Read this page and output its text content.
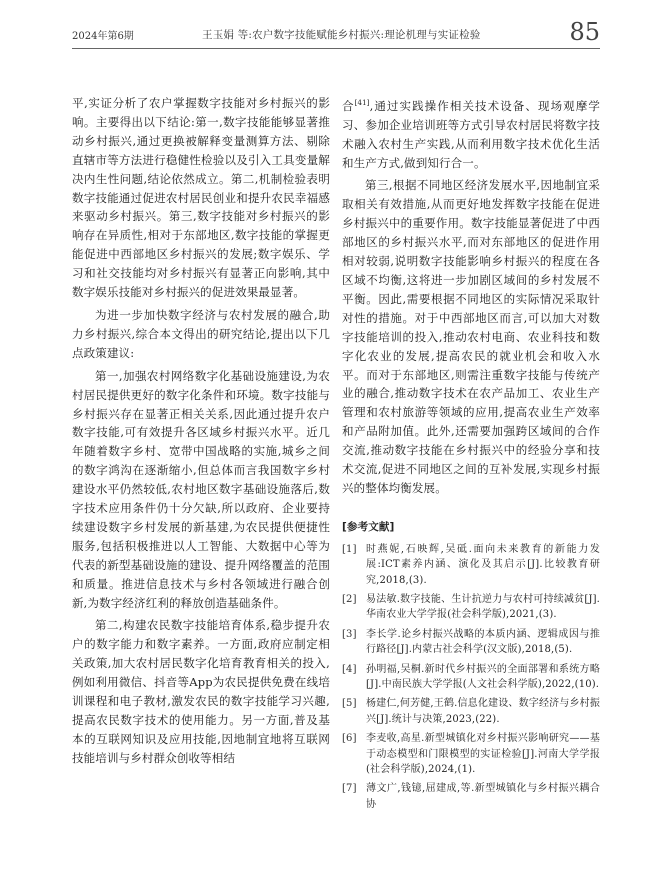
2024年第6期	王玉娟 等:农户数字技能赋能乡村振兴:理论机理与实证检验	85

平,实证分析了农户掌握数字技能对乡村振兴的影响。主要得出以下结论:第一,数字技能能够显著推动乡村振兴,通过更换被解释变量测算方法、剔除直辖市等方法进行稳健性检验以及引入工具变量解决内生性问题,结论依然成立。第二,机制检验表明数字技能通过促进农村居民创业和提升农民幸福感来驱动乡村振兴。第三,数字技能对乡村振兴的影响存在异质性,相对于东部地区,数字技能的掌握更能促进中西部地区乡村振兴的发展;数字娱乐、学习和社交技能均对乡村振兴有显著正向影响,其中数字娱乐技能对乡村振兴的促进效果最显著。

为进一步加快数字经济与农村发展的融合,助力乡村振兴,综合本文得出的研究结论,提出以下几点政策建议:

第一,加强农村网络数字化基础设施建设,为农村居民提供更好的数字化条件和环境。数字技能与乡村振兴存在显著正相关关系,因此通过提升农户数字技能,可有效提升各区域乡村振兴水平。近几年随着数字乡村、宽带中国战略的实施,城乡之间的数字鸿沟在逐渐缩小,但总体而言我国数字乡村建设水平仍然较低,农村地区数字基础设施落后,数字技术应用条件仍十分欠缺,所以政府、企业要持续建设数字乡村发展的新基建,为农民提供便捷性服务,包括积极推进以人工智能、大数据中心等为代表的新型基础设施的建设、提升网络覆盖的范围和质量。推进信息技术与乡村各领域进行融合创新,为数字经济红利的释放创造基础条件。

第二,构建农民数字技能培育体系,稳步提升农户的数字能力和数字素养。一方面,政府应制定相关政策,加大农村居民数字化培育教育相关的投入,例如利用微信、抖音等App为农民提供免费在线培训课程和电子教材,激发农民的数字技能学习兴趣,提高农民数字技术的使用能力。另一方面,普及基本的互联网知识及应用技能,因地制宜地将互联网技能培训与乡村群众创收等相结

合[41],通过实践操作相关技术设备、现场观摩学习、参加企业培训班等方式引导农村居民将数字技术融入农村生产实践,从而利用数字技术优化生活和生产方式,做到知行合一。

第三,根据不同地区经济发展水平,因地制宜采取相关有效措施,从而更好地发挥数字技能在促进乡村振兴中的重要作用。数字技能显著促进了中西部地区的乡村振兴水平,而对东部地区的促进作用相对较弱,说明数字技能影响乡村振兴的程度在各区域不均衡,这将进一步加剧区域间的乡村发展不平衡。因此,需要根据不同地区的实际情况采取针对性的措施。对于中西部地区而言,可以加大对数字技能培训的投入,推动农村电商、农业科技和数字化农业的发展,提高农民的就业机会和收入水平。而对于东部地区,则需注重数字技能与传统产业的融合,推动数字技术在农产品加工、农业生产管理和农村旅游等领域的应用,提高农业生产效率和产品附加值。此外,还需要加强跨区域间的合作交流,推动数字技能在乡村振兴中的经验分享和技术交流,促进不同地区之间的互补发展,实现乡村振兴的整体均衡发展。

[参考文献]
[1] 时燕妮,石映辉,吴砥.面向未来教育的新能力发展:ICT素养内涵、演化及其启示[J].比较教育研究,2018,(3).
[2] 易法敏.数字技能、生计抗逆力与农村可持续减贫[J].华南农业大学学报(社会科学版),2021,(3).
[3] 李长学.论乡村振兴战略的本质内涵、逻辑成因与推行路径[J].内蒙古社会科学(汉文版),2018,(5).
[4] 孙明福,吴桐.新时代乡村振兴的全面部署和系统方略[J].中南民族大学学报(人文社会科学版),2022,(10).
[5] 杨建仁,何芳健,王鹤.信息化建设、数字经济与乡村振兴[J].统计与决策,2023,(22).
[6] 李麦收,高星.新型城镇化对乡村振兴影响研究——基于动态模型和门限模型的实证检验[J].河南大学学报(社会科学版),2024,(1).
[7] 薄文广,钱镱,屈建成,等.新型城镇化与乡村振兴耦合协
